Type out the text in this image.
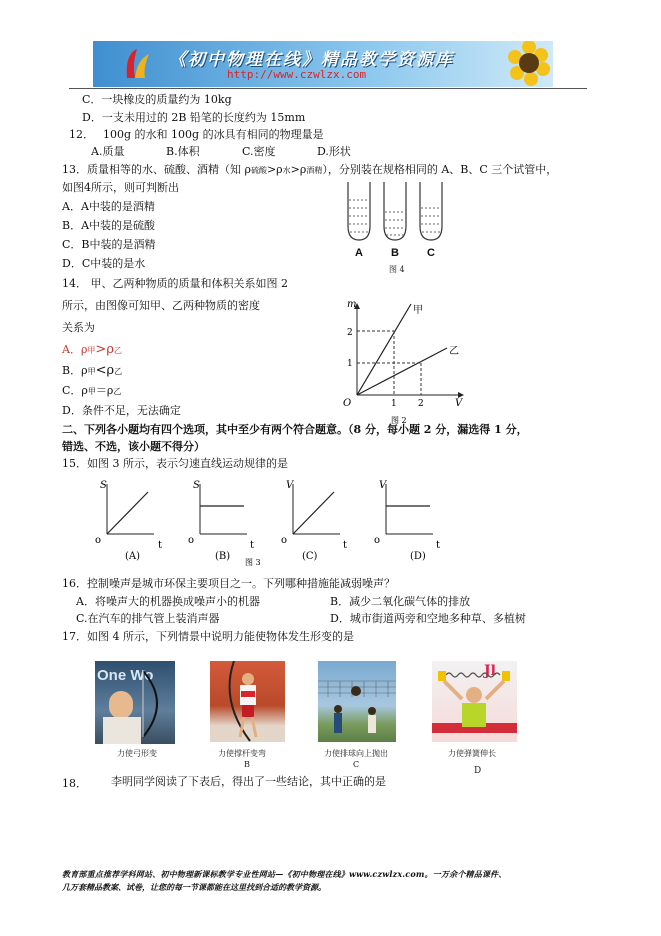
《初中物理在线》精品教学资源库
http://www.czwlzx.com
C．一块橡皮的质量约为 10kg
D．一支未用过的 2B 铅笔的长度约为 15mm
12． 100g 的水和 100g 的冰具有相同的物理量是
A.质量	B.体积	C.密度	D.形状
13．质量相等的水、硫酸、酒精（知 ρ硫酸>ρ水>ρ酒精），分别装在规格相同的 A、B、C 三个试管中，
如图4所示，则可判断出
A．A中装的是酒精
B．A中装的是硫酸
C．B中装的是酒精
D．C中装的是水
A	B	C
图 4
14． 甲、乙两种物质的质量和体积关系如图 2
所示，由图像可知甲、乙两种物质的密度
关系为
A．ρ甲>ρ乙
B．ρ甲<ρ乙
C．ρ甲＝ρ乙
D．条件不足，无法确定
m
2
1
O	1 2	V
甲
乙
图 2
二、下列各小题均有四个选项，其中至少有两个符合题意。（8 分，每小题 2 分，漏选得 1 分，
错选、不选，该小题不得分）
15．如图 3 所示，表示匀速直线运动规律的是
S	S	V	V
o	o	o	o
t	t	t	t
(A)	(B)	(C)	(D)
图 3
16．控制噪声是城市环保主要项目之一。下列哪种措施能减弱噪声？
A．将噪声大的机器换成噪声小的机器	B．减少二氧化碳气体的排放
C.在汽车的排气管上装消声器	D．城市街道两旁和空地多种草、多植树
17．如图 4 所示，下列情景中说明力能使物体发生形变的是
One Wo
力使弓形变	力使撑杆变弯
B
力使排球向上抛出
C
Jl
力使弹簧伸长
D
18． 李明同学阅读了下表后，得出了一些结论，其中正确的是
教育部重点推荐学科网站、初中物理新课标教学专业性网站—《初中物理在线》www.czwlzx.com。一万余个精品课件、
几万套精品教案、试卷，让您的每一节课都能在这里找到合适的教学资源。
